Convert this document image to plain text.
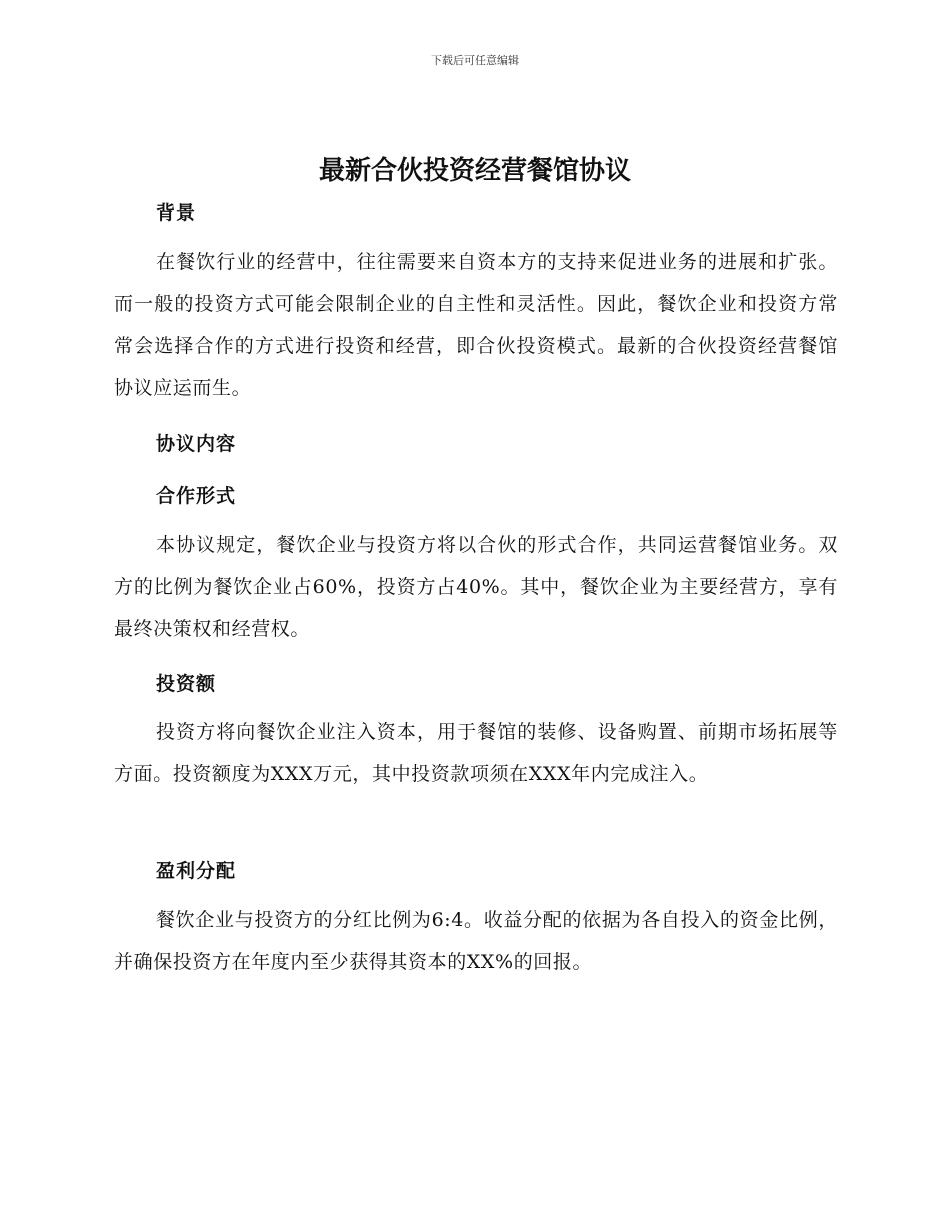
下载后可任意编辑
最新合伙投资经营餐馆协议
背景

在餐饮行业的经营中，往往需要来自资本方的支持来促进业务的进展和扩张。而一般的投资方式可能会限制企业的自主性和灵活性。因此，餐饮企业和投资方常常会选择合作的方式进行投资和经营，即合伙投资模式。最新的合伙投资经营餐馆协议应运而生。

协议内容
合作形式

本协议规定，餐饮企业与投资方将以合伙的形式合作，共同运营餐馆业务。双方的比例为餐饮企业占60%，投资方占40%。其中，餐饮企业为主要经营方，享有最终决策权和经营权。

投资额

投资方将向餐饮企业注入资本，用于餐馆的装修、设备购置、前期市场拓展等方面。投资额度为XXX万元，其中投资款项须在XXX年内完成注入。

盈利分配

餐饮企业与投资方的分红比例为6:4。收益分配的依据为各自投入的资金比例，并确保投资方在年度内至少获得其资本的XX%的回报。
